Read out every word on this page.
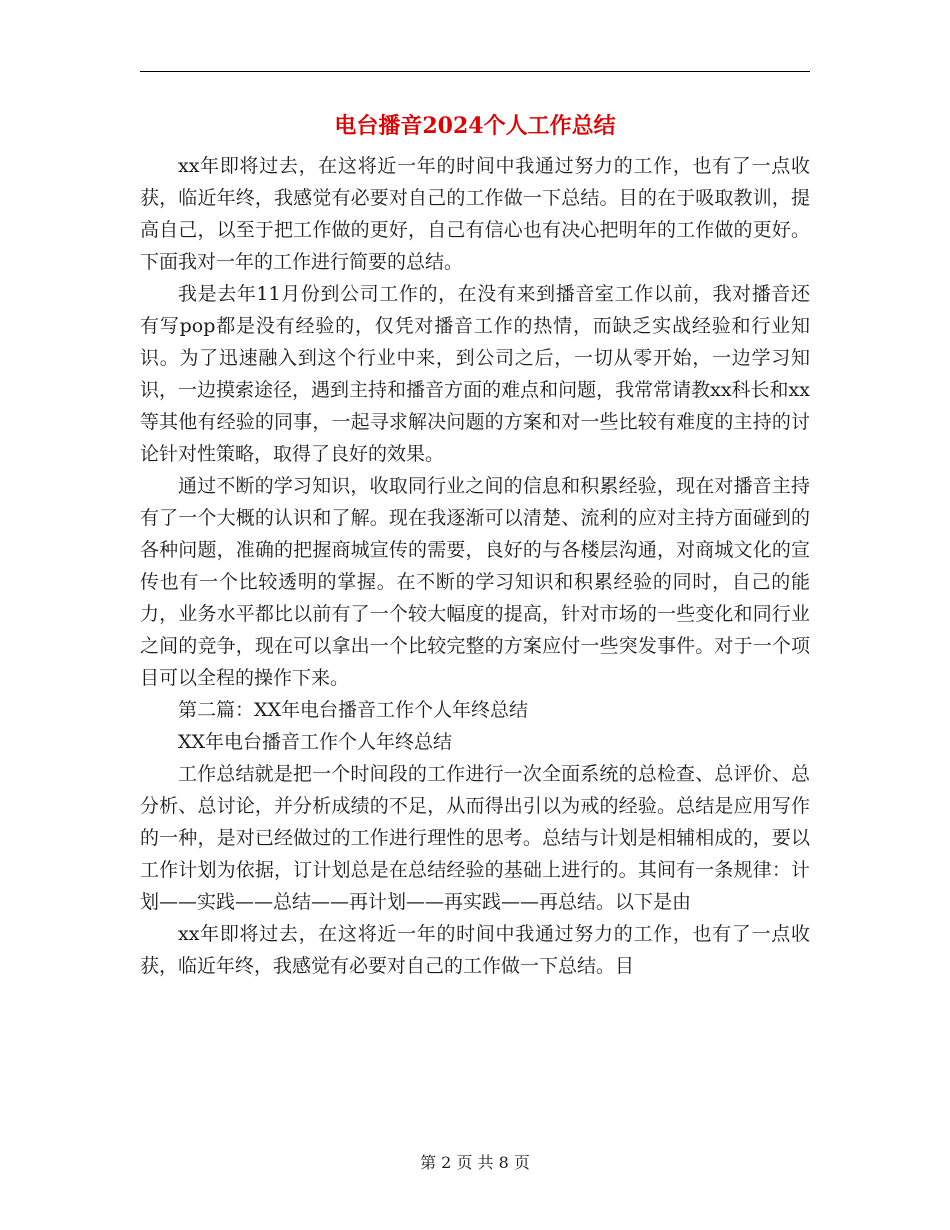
电台播音2024个人工作总结

xx年即将过去，在这将近一年的时间中我通过努力的工作，也有了一点收获，临近年终，我感觉有必要对自己的工作做一下总结。目的在于吸取教训，提高自己，以至于把工作做的更好，自己有信心也有决心把明年的工作做的更好。下面我对一年的工作进行简要的总结。

我是去年11月份到公司工作的，在没有来到播音室工作以前，我对播音还有写pop都是没有经验的，仅凭对播音工作的热情，而缺乏实战经验和行业知识。为了迅速融入到这个行业中来，到公司之后，一切从零开始，一边学习知识，一边摸索途径，遇到主持和播音方面的难点和问题，我常常请教xx科长和xx等其他有经验的同事，一起寻求解决问题的方案和对一些比较有难度的主持的讨论针对性策略，取得了良好的效果。

通过不断的学习知识，收取同行业之间的信息和积累经验，现在对播音主持有了一个大概的认识和了解。现在我逐渐可以清楚、流利的应对主持方面碰到的各种问题，准确的把握商城宣传的需要，良好的与各楼层沟通，对商城文化的宣传也有一个比较透明的掌握。在不断的学习知识和积累经验的同时，自己的能力，业务水平都比以前有了一个较大幅度的提高，针对市场的一些变化和同行业之间的竞争，现在可以拿出一个比较完整的方案应付一些突发事件。对于一个项目可以全程的操作下来。

第二篇：XX年电台播音工作个人年终总结

XX年电台播音工作个人年终总结

工作总结就是把一个时间段的工作进行一次全面系统的总检查、总评价、总分析、总讨论，并分析成绩的不足，从而得出引以为戒的经验。总结是应用写作的一种，是对已经做过的工作进行理性的思考。总结与计划是相辅相成的，要以工作计划为依据，订计划总是在总结经验的基础上进行的。其间有一条规律：计划——实践——总结——再计划——再实践——再总结。以下是由

xx年即将过去，在这将近一年的时间中我通过努力的工作，也有了一点收获，临近年终，我感觉有必要对自己的工作做一下总结。目

第 2 页 共 8 页
